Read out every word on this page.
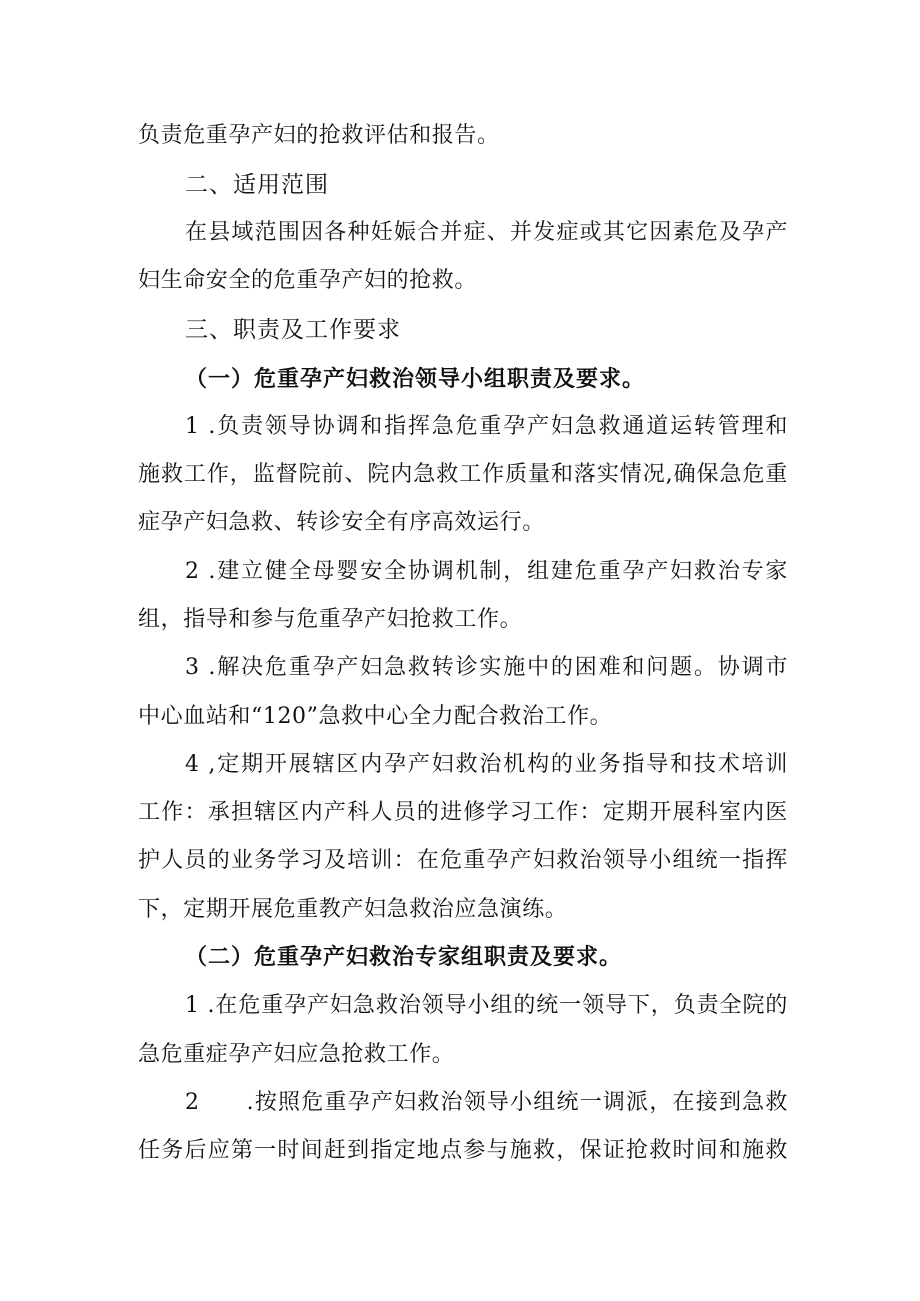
负责危重孕产妇的抢救评估和报告。
二、适用范围
在县域范围因各种妊娠合并症、并发症或其它因素危及孕产
妇生命安全的危重孕产妇的抢救。
三、职责及工作要求
（一）危重孕产妇救治领导小组职责及要求。
1 .负责领导协调和指挥急危重孕产妇急救通道运转管理和
施救工作，监督院前、院内急救工作质量和落实情况,确保急危重
症孕产妇急救、转诊安全有序高效运行。
2 .建立健全母婴安全协调机制，组建危重孕产妇救治专家
组，指导和参与危重孕产妇抢救工作。
3 .解决危重孕产妇急救转诊实施中的困难和问题。协调市
中心血站和“120”急救中心全力配合救治工作。
4 ,定期开展辖区内孕产妇救治机构的业务指导和技术培训
工作：承担辖区内产科人员的进修学习工作：定期开展科室内医
护人员的业务学习及培训：在危重孕产妇救治领导小组统一指挥
下，定期开展危重教产妇急救治应急演练。
（二）危重孕产妇救治专家组职责及要求。
1 .在危重孕产妇急救治领导小组的统一领导下，负责全院的
急危重症孕产妇应急抢救工作。
2　　.按照危重孕产妇救治领导小组统一调派，在接到急救
任务后应第一时间赶到指定地点参与施救，保证抢救时间和施救
